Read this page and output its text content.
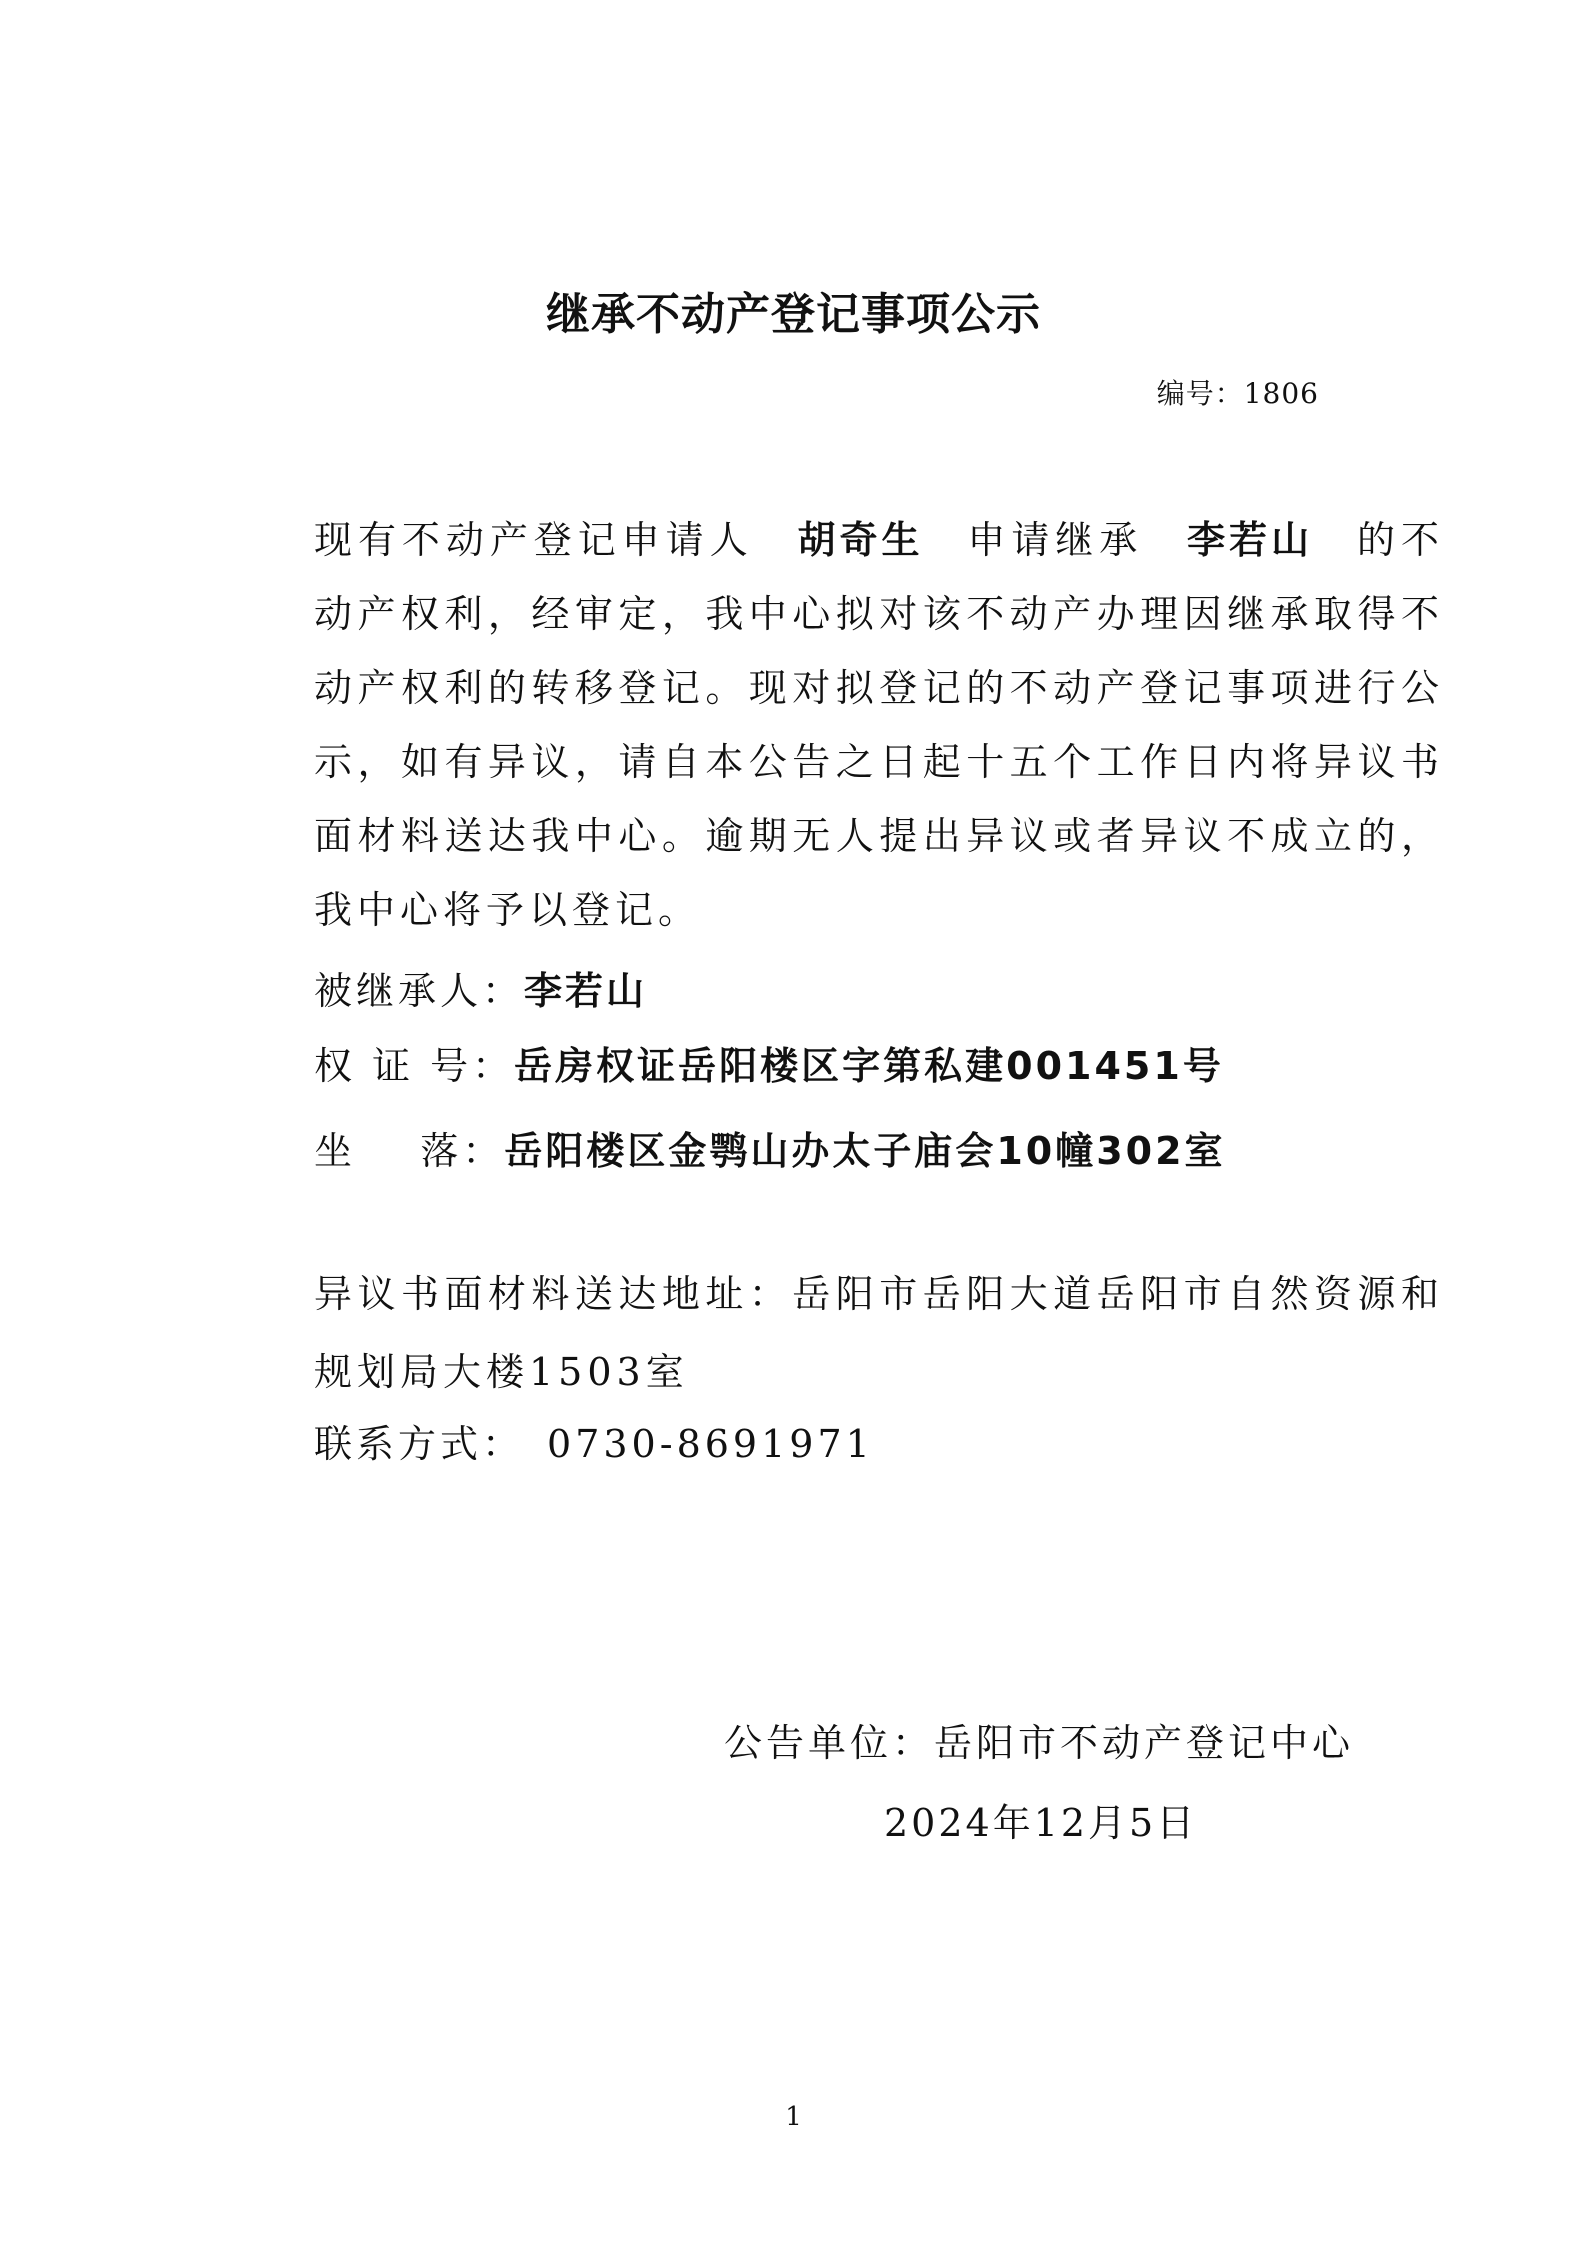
继承不动产登记事项公示
编号：1806
现有不动产登记申请人  胡奇生  申请继承  李若山  的不动产权利，经审定，我中心拟对该不动产办理因继承取得不动产权利的转移登记。现对拟登记的不动产登记事项进行公示，如有异议，请自本公告之日起十五个工作日内将异议书面材料送达我中心。逾期无人提出异议或者异议不成立的，我中心将予以登记。
被继承人：李若山
权 证 号：岳房权证岳阳楼区字第私建001451号
坐    落：岳阳楼区金鹗山办太子庙会10幢302室
异议书面材料送达地址：岳阳市岳阳大道岳阳市自然资源和规划局大楼1503室
联系方式：  0730-8691971
公告单位：岳阳市不动产登记中心
2024年12月5日
1
